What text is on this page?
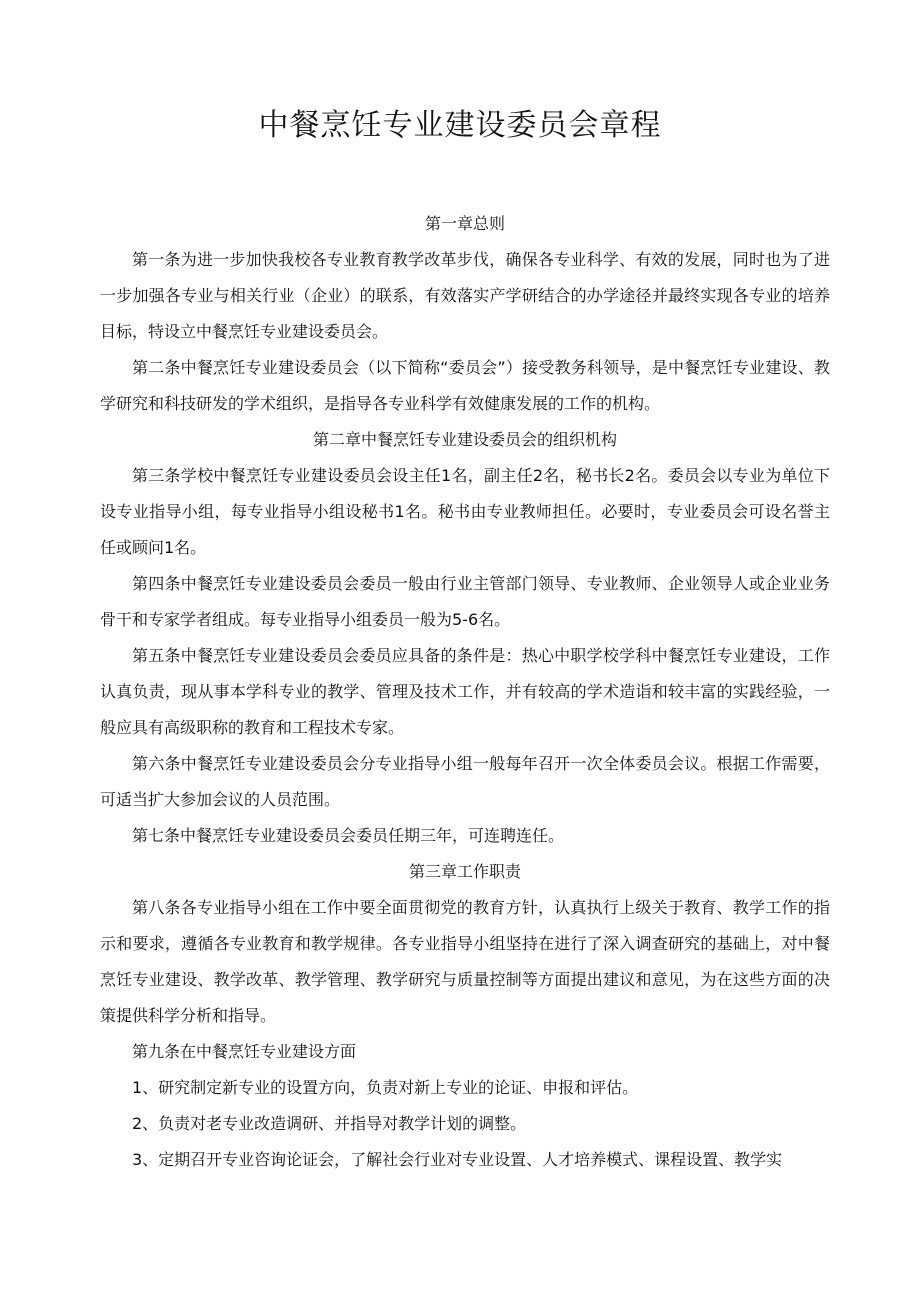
中餐烹饪专业建设委员会章程

第一章总则

第一条为进一步加快我校各专业教育教学改革步伐，确保各专业科学、有效的发展，同时也为了进一步加强各专业与相关行业（企业）的联系，有效落实产学研结合的办学途径并最终实现各专业的培养目标，特设立中餐烹饪专业建设委员会。

第二条中餐烹饪专业建设委员会（以下简称“委员会”）接受教务科领导，是中餐烹饪专业建设、教学研究和科技研发的学术组织，是指导各专业科学有效健康发展的工作的机构。

第二章中餐烹饪专业建设委员会的组织机构

第三条学校中餐烹饪专业建设委员会设主任1名，副主任2名，秘书长2名。委员会以专业为单位下设专业指导小组，每专业指导小组设秘书1名。秘书由专业教师担任。必要时，专业委员会可设名誉主任或顾问1名。

第四条中餐烹饪专业建设委员会委员一般由行业主管部门领导、专业教师、企业领导人或企业业务骨干和专家学者组成。每专业指导小组委员一般为5-6名。

第五条中餐烹饪专业建设委员会委员应具备的条件是：热心中职学校学科中餐烹饪专业建设，工作认真负责，现从事本学科专业的教学、管理及技术工作，并有较高的学术造诣和较丰富的实践经验，一般应具有高级职称的教育和工程技术专家。

第六条中餐烹饪专业建设委员会分专业指导小组一般每年召开一次全体委员会议。根据工作需要，可适当扩大参加会议的人员范围。

第七条中餐烹饪专业建设委员会委员任期三年，可连聘连任。

第三章工作职责

第八条各专业指导小组在工作中要全面贯彻党的教育方针，认真执行上级关于教育、教学工作的指示和要求，遵循各专业教育和教学规律。各专业指导小组坚持在进行了深入调查研究的基础上，对中餐烹饪专业建设、教学改革、教学管理、教学研究与质量控制等方面提出建议和意见，为在这些方面的决策提供科学分析和指导。

第九条在中餐烹饪专业建设方面

1、研究制定新专业的设置方向，负责对新上专业的论证、申报和评估。

2、负责对老专业改造调研、并指导对教学计划的调整。

3、定期召开专业咨询论证会，了解社会行业对专业设置、人才培养模式、课程设置、教学实
